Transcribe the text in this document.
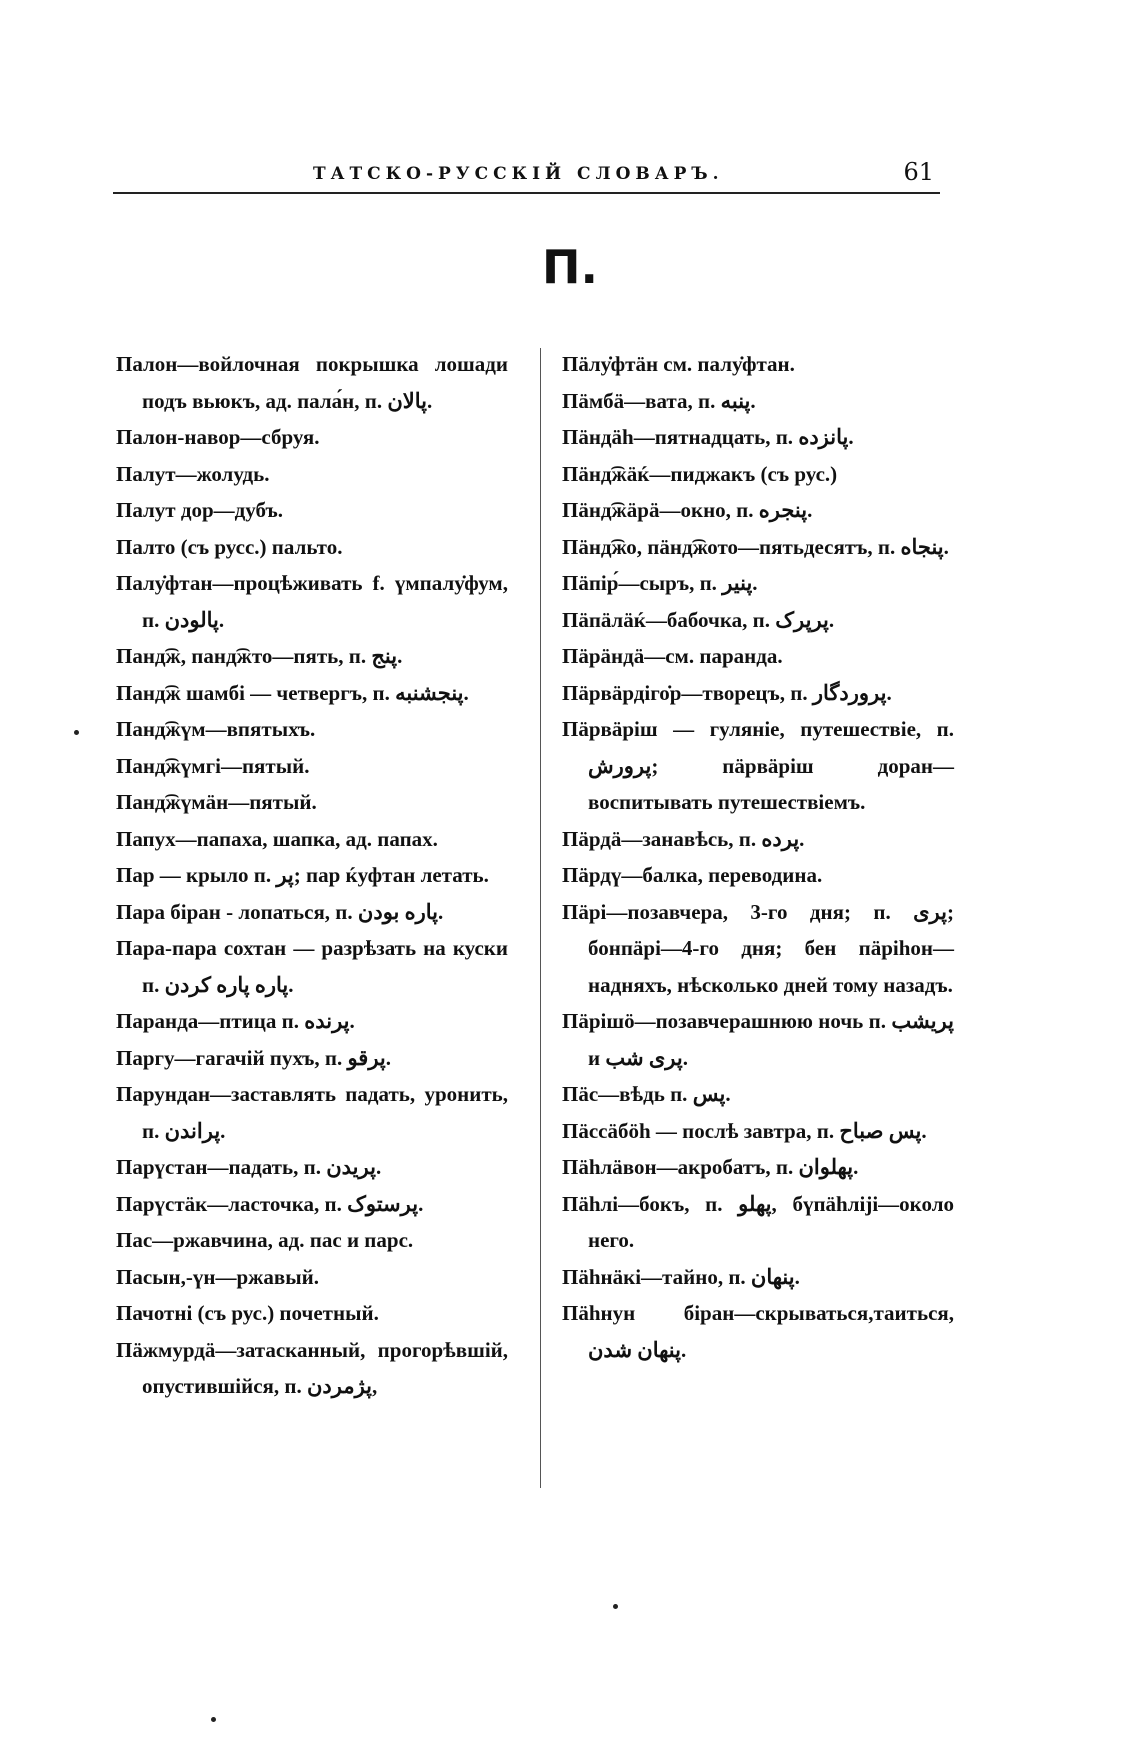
ТАТСКО-РУССКІЙ СЛОВАРЪ.	61
П.
Палон—войлочная покрышка лошади подъ вьюкъ, ад. пала́н, п. پالان.
Палон-навор—сбруя.
Палут—жолудь.
Палут дор—дубъ.
Палто (съ русс.) пальто.
Палу̇фтан—процѣживать f. үмпалу̇фум, п. پالودن.
Панд͡ж, панд͡жто—пять, п. پنج.
Панд͡ж шамбі — четвергъ, п. پنجشنبه.
Панд͡жүм—впятыхъ.
Панд͡жүмгі—пятый.
Панд͡жүмӓн—пятый.
Папух—папаха, шапка, ад. папах.
Пар — крыло п. پر; пар ќуфтан летать.
Пара біран - лопаться, п. پاره بودن.
Пара-пара сохтан — разрѣзать на куски п. پاره پاره کردن.
Паранда—птица п. پرنده.
Паргу—гагачій пухъ, п. پرقو.
Парундан—заставлять падать, уронить, п. پراندن.
Парүстан—падать, п. پریدن.
Парүстӓк—ласточка, п. پرستوک.
Пас—ржавчина, ад. пас и парс.
Пасын,-үн—ржавый.
Пачотні (съ рус.) почетный.
Пӓжмурдӓ—затасканный, прогорѣвшій, опустившійся, п. پژمردن,
Пӓлу̇фтӓн см. палу̇фтан.
Пӓмбӓ—вата, п. پنبه.
Пӓндӓһ—пятнадцать, п. پانزده.
Пӓнд͡жӓќ—пиджакъ (съ рус.)
Пӓнд͡жӓрӓ—окно, п. پنجره.
Пӓнд͡жо, пӓнд͡жото—пятьдесятъ, п. پنجاه.
Пӓпір́—сыръ, п. پنیر.
Пӓпӓлӓќ—бабочка, п. پرپرک.
Пӓрӓндӓ—см. паранда.
Пӓрвӓрдіго̇р—творецъ, п. پروردگار.
Пӓрвӓріш — гуляніе, путешествіе, п. پرورش; пӓрвӓріш доран—воспитывать путешествіемъ.
Пӓрдӓ—занавѣсь, п. پرده.
Пӓрдү—балка, переводина.
Пӓрі—позавчера, 3-го дня; п. پری; бонпӓрі—4-го дня; бен пӓріһон—надняхъ, нѣсколько дней тому назадъ.
Пӓрішӧ—позавчерашнюю ночь п. پریشب и پری شب.
Пӓс—вѣдь п. پس.
Пӓссӓбӧһ — послѣ завтра, п. پس صباح.
Пӓһлӓвон—акробатъ, п. پهلوان.
Пӓһлі—бокъ, п. پهلو, бүпӓһліјі—около него.
Пӓһнӓкі—тайно, п. پنهان.
Пӓһнун біран—скрываться,таиться, پنهان شدن.
